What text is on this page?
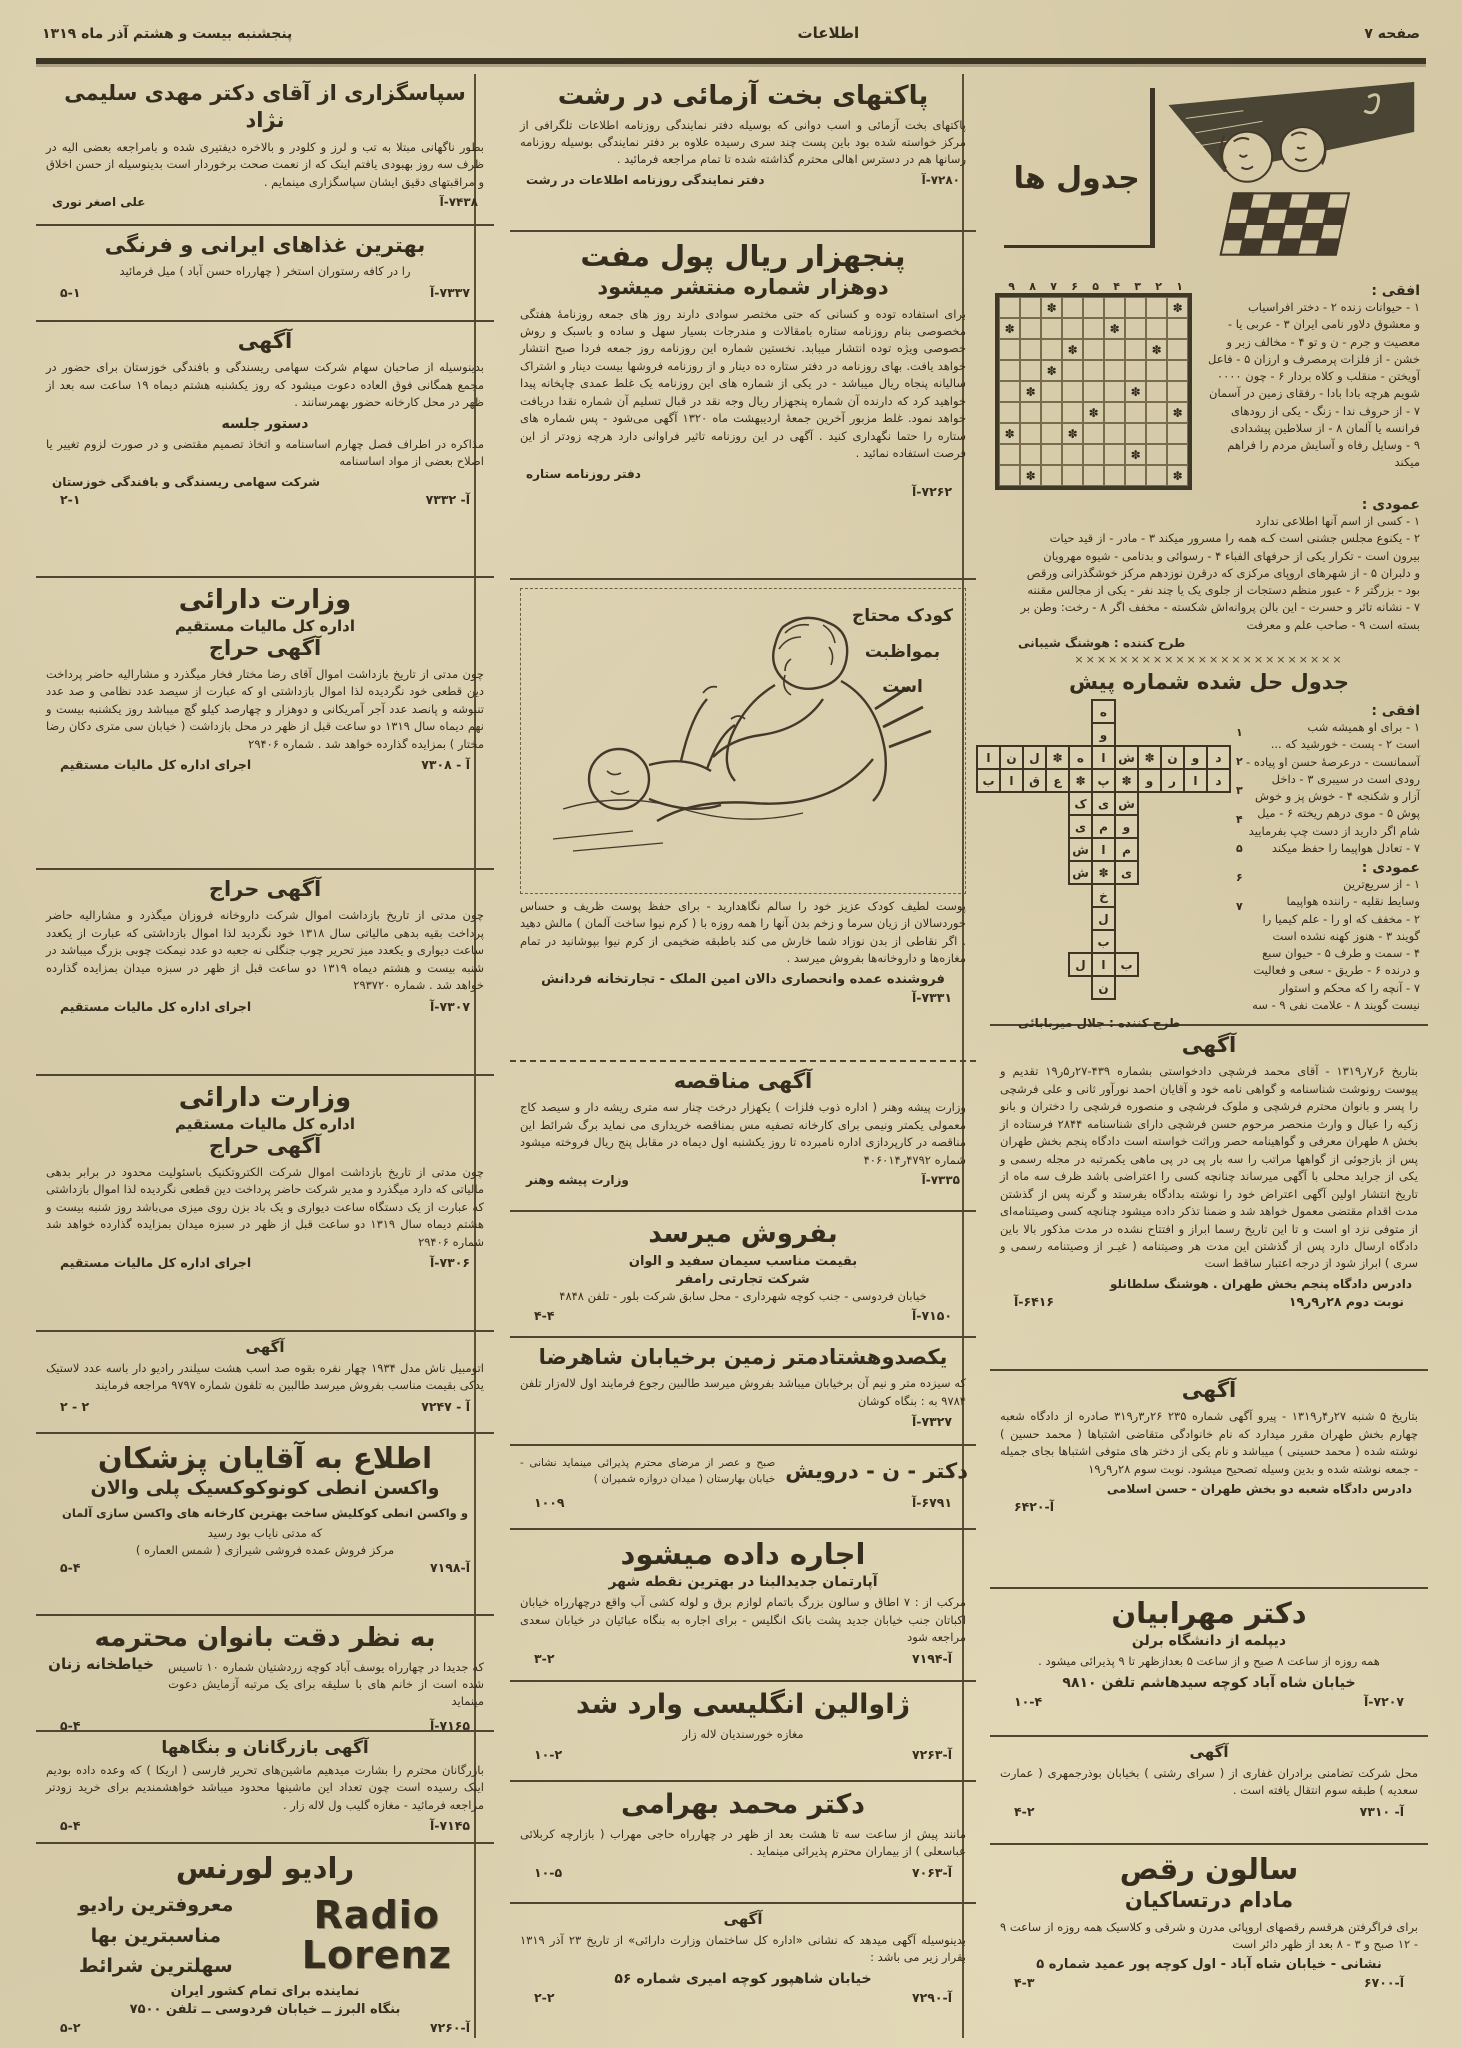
صفحه ۷
اطلاعات
پنجشنبه بیست و هشتم آذر ماه ۱۳۱۹
جدول ها
افقی :
۱ - حیوانات زنده ۲ - دختر افراسیاب
و معشوق دلاور نامی ایران ۳ - عربی یا -
معصیت و جرم - ن و تو ۴ - مخالف زبر و
خشن - از فلزات پرمصرف و ارزان ۵ - فاعل
آویختن - منقلب و کلاه بردار ۶ - چون ۰۰۰۰
شویم هرچه بادا بادا - رفقای زمین در آسمان
۷ - از حروف ندا - زنگ - یکی از رودهای
فرانسه یا آلمان ۸ - از سلاطین پیشدادی
۹ - وسایل رفاه و آسایش مردم را فراهم میکند
۱
۲
۳
۴
۵
۶
۷
۸
۹
✽
✽
✽
✽
✽
✽
✽
✽
✽
✽
✽
✽
✽
✽
✽
✽
عمودی :
۱ - کسی از اسم آنها اطلاعی ندارد
۲ - یکنوع مجلس جشنی است کـه همه را مسرور میکند ۳ - مادر - از قید حیات
بیرون است - تکرار یکی از حرفهای الفباء ۴ - رسوائی و بدنامی - شیوه مهرویان
و دلبران ۵ - از شهرهای اروپای مرکزی که درقرن نوزدهم مرکز خوشگذرانی ورقص
بود - بزرگتر ۶ - عبور منظم دستجات از جلوی یک یا چند نفر - یکی از مجالس مقننه
۷ - نشانه تاثر و حسرت - این بالن پروانه‌اش شکسته - مخفف اگر ۸ - رخت: وطن بر
بسته است ۹ - صاحب علم و معرفت
طرح کننده : هوشنگ شیبانی
××××××××××××××××××××××××
جدول حل شده شماره پیش
افقی :
۱ - برای او همیشه شب
است ۲ - پست - خورشید که ...
آسمانست - درعرصهٔ حسن او پیاده -
رودی است در سیبری ۳ - داخل
آزار و شکنجه ۴ - خوش پز و خوش
پوش ۵ - موی درهم ریخته ۶ - میل
شام اگر دارید از دست چپ بفرمایید
۷ - تعادل هواپیما را حفظ میکند
عمودی :
۱ - از سریع‌ترین
وسایط نقلیه - راننده هواپیما
۲ - مخفف که او را - علم کیمیا را
گویند ۳ - هنوز کهنه نشده است
۴ - سمت و طرف ۵ - حیوان سبع
و درنده ۶ - طریق - سعی و فعالیت
۷ - آنچه را که محکم و استوار
نیست گویند ۸ - علامت نفی ۹ - سه
۱
۲
۳
۴
۵
۶
۷
ه
و
د
و
ن
✽
ش
ا
ه
✽
ل
ن
ا
د
ا
ر
و
✽
پ
✽
ع
ق
ا
ب
ش
ی
ک
و
م
ی
م
ا
ش
ی
✽
ش
خ
ل
ب
ب
ا
ل
ن
طرح کننده : جلال میربابائی
آگهی
بتاریخ ۶ر۷ر۱۳۱۹ - آقای محمد فرشچی دادخواستی بشماره ۴۳۹-۲۷ر۵ر۱۹ تقدیم و پیوست رونوشت شناسنامه و گواهی نامه خود و آقایان احمد نورآور ثانی و علی فرشچی را پسر و بانوان محترم فرشچی و ملوک فرشچی و منصوره فرشچی را دختران و بانو زکیه را عیال و وارث منحصر مرحوم حسن فرشچی دارای شناسنامه ۲۸۴۴ فرستاده از بخش ۸ طهران معرفی و گواهینامه حصر وراثت خواسته است دادگاه پنجم بخش طهران پس از بازجوئی از گواهها مراتب را سه بار پی در پی ماهی یکمرتبه در مجله رسمی و یکی از جراید محلی با آگهی میرساند چنانچه کسی را اعتراضی باشد ظرف سه ماه از تاریخ انتشار اولین آگهی اعتراض خود را نوشته بدادگاه بفرستد و گرنه پس از گذشتن مدت اقدام مقتضی معمول خواهد شد و ضمنا تذکر داده میشود چنانچه کسی وصیتنامه‌ای از متوفی نزد او است و تا این تاریخ رسما ابراز و افتتاح نشده در مدت مذکور بالا باین دادگاه ارسال دارد پس از گذشتن این مدت هر وصیتنامه ( غیـر از وصیتنامه رسمی و سری ) ابراز شود از درجه اعتبار ساقط است
دادرس دادگاه پنجم بخش طهران . هوشنگ سلطانلو
نوبت دوم ۲۸ر۹ر۱۹
۶۴۱۶-آ
آگهی
بتاریخ ۵ شنبه ۲۷ر۴ر۱۳۱۹ - پیرو آگهی شماره ۲۳۵ ۲۶ر۳ر۳۱۹ صادره از دادگاه شعبه چهارم بخش طهران مقرر میدارد که نام خانوادگی متقاضی اشتباها ( محمد حسین ) نوشته شده ( محمد حسینی ) میباشد و نام یکی از دختر های متوفی اشتباها بجای جمیله - جمعه نوشته شده و بدین وسیله تصحیح میشود. نوبت سوم ۲۸ر۹ر۱۹
دادرس دادگاه شعبه دو بخش طهران - حسن اسلامی
آ-۶۴۲۰
دکتر مهرابیان
دیپلمه از دانشگاه برلن
همه روزه از ساعت ۸ صبح و از ساعت ۵ بعدازظهر تا ۹ پذیرائی میشود .
خیابان شاه آباد کوچه سیدهاشم تلفن ۹۸۱۰
۷۲۰۷-آ
۱۰-۴
آگهی
محل شرکت تضامنی برادران غفاری از ( سرای رشتی ) بخیابان بوذرجمهری ( عمارت سعدیه ) طبقه سوم انتقال یافته است .
آ- ۷۳۱۰
۴-۲
سالون رقص
مادام درتساکیان
برای فراگرفتن هرقسم رقصهای اروپائی مدرن و شرقی و کلاسیک همه روزه از ساعت ۹ - ۱۲ صبح و ۳ - ۸ بعد از ظهر دائر است
نشانی - خیابان شاه آباد - اول کوچه پور عمید شماره ۵
آ-۶۷۰۰
۴-۳
پاکتهای بخت آزمائی در رشت
پاکتهای بخت آزمائی و اسب دوانی که بوسیله دفتر نمایندگی روزنامه اطلاعات تلگرافی از مرکز خواسته شده بود باین پست چند سری رسیده علاوه بر دفتر نمایندگی بوسیله روزنامه رسانها هم در دسترس اهالی محترم گذاشته شده تا تمام مراجعه فرمائید .
۷۲۸۰-آ
دفتر نمایندگی روزنامه اطلاعات در رشت
پنجهزار ریال پول مفت
دوهزار شماره منتشر میشود
برای استفاده توده و کسانی که حتی مختصر سوادی دارند روز های جمعه روزنامهٔ هفتگی مخصوصی بنام روزنامه ستاره بامقالات و مندرجات بسیار سهل و ساده و باسبک و روش خصوصی ویژه توده انتشار میبابد. نخستین شماره این روزنامه روز جمعه فردا صبح انتشار خواهد یافت. بهای روزنامه در دفتر ستاره ده دینار و از روزنامه فروشها بیست دینار و اشتراک سالیانه پنجاه ریال میباشد - در یکی از شماره های این روزنامه یک غلط عمدی چاپخانه پیدا خواهید کرد که دارنده آن شماره پنجهزار ریال وجه نقد در قبال تسلیم آن شماره نقدا دریافت خواهد نمود. غلط مزبور آخرین جمعهٔ اردیبهشت ماه ۱۳۲۰ آگهی می‌شود - پس شماره های ستاره را حتما نگهداری کنید . آگهی در این روزنامه تاثیر فراوانی دارد هرچه زودتر از این فرصت استفاده نمائید .
دفتر روزنامه ستاره
۷۲۶۲-آ
کودک محتاج
بمواظبت
است
پوست لطیف کودک عزیز خود را سالم نگاهدارید - برای حفظ پوست ظریف و حساس خوردسالان از زیان سرما و زخم بدن آنها را همه روزه با ( کرم نیوا ساخت آلمان ) مالش دهید . اگر نقاطی از بدن نوزاد شما خارش می کند باطبقه ضخیمی از کرم نیوا بپوشانید در تمام مغازه‌ها و داروخانه‌ها بفروش میرسد .
فروشنده عمده وانحصاری دالان امین الملک - تجارتخانه فردانش
۷۳۳۱-آ
آگهی مناقصه
وزارت پیشه وهنر ( اداره ذوب فلزات ) یکهزار درخت چنار سه متری ریشه دار و سیصد کاج معمولی یکمتر ونیمی برای کارخانه تصفیه مس بمناقصه خریداری می نماید برگ شرائط این مناقصه در کارپردازی اداره نامبرده تا روز یکشنبه اول دیماه در مقابل پنج ریال فروخته میشود شماره ۴۷۹۲ر۴۰۶۰۱۴
۷۳۳۵-آ
وزارت پیشه وهنر
بفروش میرسد
بقیمت مناسب سیمان سفید و الوان
شرکت تجارتی رامفر
خیابان فردوسی - جنب کوچه شهرداری - محل سابق شرکت بلور - تلفن ۴۸۴۸
۷۱۵۰-آ
۴-۴
یکصدوهشتادمتر زمین برخیابان شاهرضا
که سیزده متر و نیم آن برخیابان میباشد بفروش میرسد طالبین رجوع فرمایند اول لاله‌زار تلفن ۹۷۸۴ به : بنگاه کوشان
۷۳۲۷-آ
دکتر - ن - درویش
صبح و عصر از مرضای محترم پذیرائی مینماید نشانی - خیابان بهارستان ( میدان دروازه شمیران )
۶۷۹۱-آ
۱۰۰۹
اجاره داده میشود
آپارتمان جدیدالبنا در بهترین نقطه شهر
مرکب از : ۷ اطاق و سالون بزرگ باتمام لوازم برق و لوله کشی آب واقع درچهارراه خیابان اکباتان جنب خیابان جدید پشت بانک انگلیس - برای اجاره به بنگاه عبائیان در خیابان سعدی مراجعه شود
آ-۷۱۹۴
۳-۲
ژاوالین انگلیسی وارد شد
مغازه خورسندیان لاله زار
آ-۷۲۶۳
۱۰-۲
دکتر محمد بهرامی
مانند پیش از ساعت سه تا هشت بعد از ظهر در چهارراه حاجی مهراب ( بازارچه کربلائی عباسعلی ) از بیماران محترم پذیرائی مینماید .
آ-۷۰۶۳
۱۰-۵
آگهی
بدینوسیله آگهی میدهد که نشانی «اداره کل ساختمان وزارت دارائی» از تاریخ ۲۳ آذر ۱۳۱۹ بقرار زیر می باشد :
خیابان شاهپور کوچه امیری شماره ۵۶
آ-۷۲۹۰
۲-۲
سپاسگزاری از آقای دکتر مهدی سلیمی نژاد
بطور ناگهانی مبتلا به تب و لرز و کلودر و بالاخره دیفتیری شده و بامراجعه بعضی الیه در ظرف سه روز بهبودی یافتم اینک که از نعمت صحت برخوردار است بدینوسیله از حسن اخلاق و مراقبتهای دقیق ایشان سپاسگزاری مینمایم .
۷۴۳۸-آ
علی اصغر نوری
بهترین غذاهای ایرانی و فرنگی
را در کافه رستوران استخر ( چهارراه حسن آباد ) میل فرمائید
۷۳۳۷-آ
۵-۱
آگهی
بدینوسیله از صاحبان سهام شرکت سهامی ریسندگی و بافندگی خوزستان برای حضور در مجمع همگانی فوق العاده دعوت میشود که روز یکشنبه هشتم دیماه ۱۹ ساعت سه بعد از ظهر در محل کارخانه حضور بهمرسانند .
دستور جلسه
مذاکره در اطراف فصل چهارم اساسنامه و اتخاذ تصمیم مقتضی و در صورت لزوم تغییر یا اصلاح بعضی از مواد اساسنامه
شرکت سهامی ریسندگی و بافندگی خوزستان
آ- ۷۳۳۲
۲-۱
وزارت دارائی
اداره کل مالیات مستقیم
آگهی حراج
چون مدتی از تاریخ بازداشت اموال آقای رضا مختار فخار میگذرد و مشارالیه حاضر پرداخت دین قطعی خود نگردیده لذا اموال بازداشتی او که عبارت از سیصد عدد نظامی و صد عدد تنبوشه و پانصد عدد آجر آمریکانی و دوهزار و چهارصد کیلو گچ میباشد روز یکشنبه بیست و نهم دیماه سال ۱۳۱۹ دو ساعت قبل از ظهر در محل بازداشت ( خیابان سی متری دکان رضا مختار ) بمزایده گذارده خواهد شد . شماره ۲۹۴۰۶
آ - ۷۳۰۸
اجرای اداره کل مالیات مستقیم
آگهی حراج
چون مدتی از تاریخ بازداشت اموال شرکت داروخانه فروزان میگذرد و مشارالیه حاضر پرداخت بقیه بدهی مالیاتی سال ۱۳۱۸ خود نگردید لذا اموال بازداشتی که عبارت از یکعدد ساعت دیواری و یکعدد میز تحریر چوب جنگلی نه جعبه دو عدد نیمکت چوبی بزرگ میباشد در شنبه بیست و هشتم دیماه ۱۳۱۹ دو ساعت قبل از ظهر در سبزه میدان بمزایده گذارده خواهد شد . شماره ۲۹۳۷۲۰
۷۳۰۷-آ
اجرای اداره کل مالیات مستقیم
وزارت دارائی
اداره کل مالیات مستقیم
آگهی حراج
چون مدتی از تاریخ بازداشت اموال شرکت الکتروتکنیک باسئولیت محدود در برابر بدهی مالیاتی که دارد میگذرد و مدیر شرکت حاضر پرداخت دین قطعی نگردیده لذا اموال بازداشتی که عبارت از یک دستگاه ساعت دیواری و یک باد بزن روی میزی می‌باشد روز شنبه بیست و هشتم دیماه سال ۱۳۱۹ دو ساعت قبل از ظهر در سبزه میدان بمزایده گذارده خواهد شد شماره ۲۹۴۰۶
۷۳۰۶-آ
اجرای اداره کل مالیات مستقیم
آگهی
اتومبیل ناش مدل ۱۹۳۴ چهار نفره بقوه صد اسب هشت سیلندر رادیو دار باسه عدد لاستیک یدکی بقیمت مناسب بفروش میرسد طالبین به تلفون شماره ۹۷۹۷ مراجعه فرمایند
آ - ۷۲۴۷
۲ - ۲
اطلاع به آقایان پزشکان
واکسن انطی کونوکوکسیک پلی والان
و واکسن انطی کوکلیش ساخت بهترین کارخانه های واکسن سازی آلمان
که مدتی نایاب بود رسید
مرکز فروش عمده فروشی شیرازی ( شمس العماره )
آ-۷۱۹۸
۵-۴
به نظر دقت بانوان محترمه
که جدیدا در چهارراه یوسف آباد کوچه زردشتیان شماره ۱۰ تاسیس شده است از خانم های با سلیقه برای یک مرتبه آزمایش دعوت مینماید
خیاطخانه زنان
۷۱۶۵-آ
۵-۴
آگهی بازرگانان و بنگاهها
بازرگانان محترم را بشارت میدهیم ماشین‌های تحریر فارسی ( اریکا ) که وعده داده بودیم اینک رسیده است چون تعداد این ماشینها محدود میباشد خواهشمندیم برای خرید زودتر مراجعه فرمائید - مغازه گلیب ول لاله زار .
۷۱۴۵-آ
۵-۴
رادیو لورنس
Radio
Lorenz
معروفترین رادیو
مناسبترین بها
سهلترین شرائط
نماینده برای تمام کشور ایران
بنگاه البرز ــ خیابان فردوسی ــ تلفن ۷۵۰۰
آ-۷۲۶۰
۵-۲
